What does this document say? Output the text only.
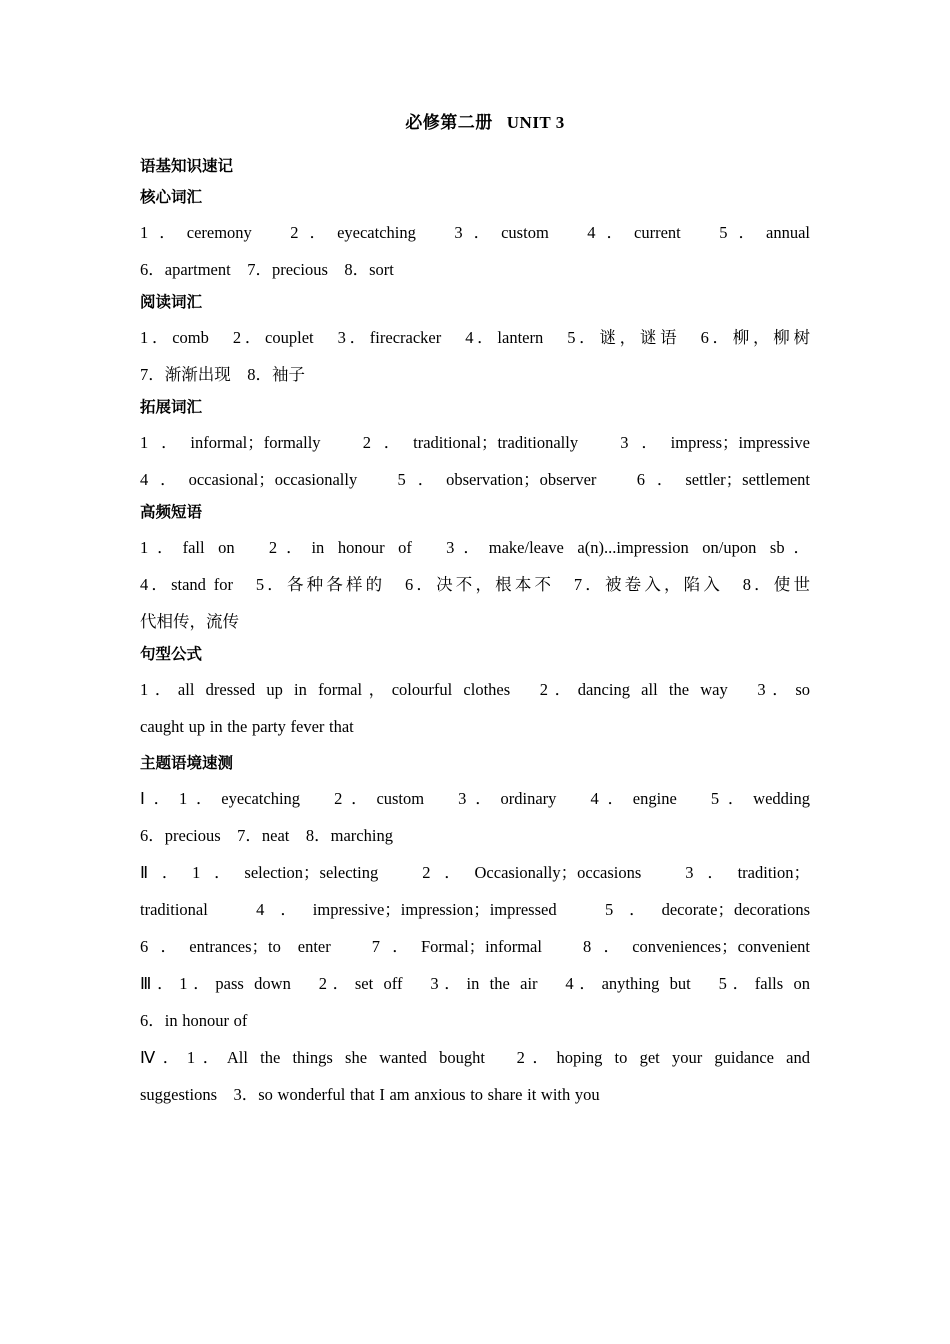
必修第二册 UNIT 3
语基知识速记
核心词汇
1．ceremony　2．eyecatching　3．custom　4．current　5．annual
6．apartment　7．precious　8．sort
阅读词汇
1．comb　2．couplet　3．firecracker　4．lantern　5．谜，谜语　6．柳，柳树
7．渐渐出现　8．袖子
拓展词汇
1．informal；formally　2．traditional；traditionally　3．impress；impressive
4．occasional；occasionally　5．observation；observer　6．settler；settlement
高频短语
1．fall on　2．in honour of　3．make/leave a(n)...impression on/upon sb．
4．stand for　5．各种各样的　6．决不，根本不　7．被卷入，陷入　8．使世
代相传，流传
句型公式
1．all dressed up in formal，colourful clothes　2．dancing all the way　3．so
caught up in the party fever that
主题语境速测
Ⅰ．1．eyecatching　2．custom　3．ordinary　4．engine　5．wedding
6．precious　7．neat　8．marching
Ⅱ．1．selection；selecting　2．Occasionally；occasions　3．tradition；
traditional　4．impressive；impression；impressed　5．decorate；decorations
6．entrances；to enter　7．Formal；informal　8．conveniences；convenient
Ⅲ．1．pass down　2．set off　3．in the air　4．anything but　5．falls on
6．in honour of
Ⅳ．1．All the things she wanted bought　2．hoping to get your guidance and
suggestions　3．so wonderful that I am anxious to share it with you
